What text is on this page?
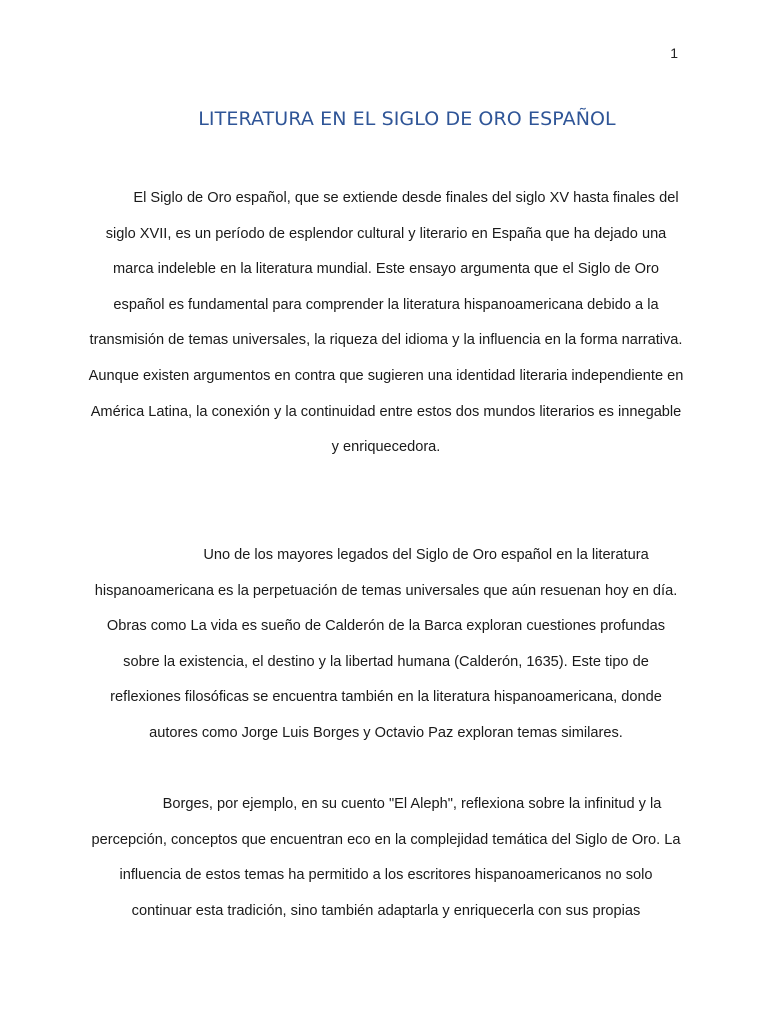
1
LITERATURA EN EL SIGLO DE ORO ESPAÑOL

El Siglo de Oro español, que se extiende desde finales del siglo XV hasta finales del siglo XVII, es un período de esplendor cultural y literario en España que ha dejado una marca indeleble en la literatura mundial. Este ensayo argumenta que el Siglo de Oro español es fundamental para comprender la literatura hispanoamericana debido a la transmisión de temas universales, la riqueza del idioma y la influencia en la forma narrativa. Aunque existen argumentos en contra que sugieren una identidad literaria independiente en América Latina, la conexión y la continuidad entre estos dos mundos literarios es innegable y enriquecedora.

Uno de los mayores legados del Siglo de Oro español en la literatura hispanoamericana es la perpetuación de temas universales que aún resuenan hoy en día. Obras como La vida es sueño de Calderón de la Barca exploran cuestiones profundas sobre la existencia, el destino y la libertad humana (Calderón, 1635). Este tipo de reflexiones filosóficas se encuentra también en la literatura hispanoamericana, donde autores como Jorge Luis Borges y Octavio Paz exploran temas similares.

Borges, por ejemplo, en su cuento "El Aleph", reflexiona sobre la infinitud y la percepción, conceptos que encuentran eco en la complejidad temática del Siglo de Oro. La influencia de estos temas ha permitido a los escritores hispanoamericanos no solo continuar esta tradición, sino también adaptarla y enriquecerla con sus propias
